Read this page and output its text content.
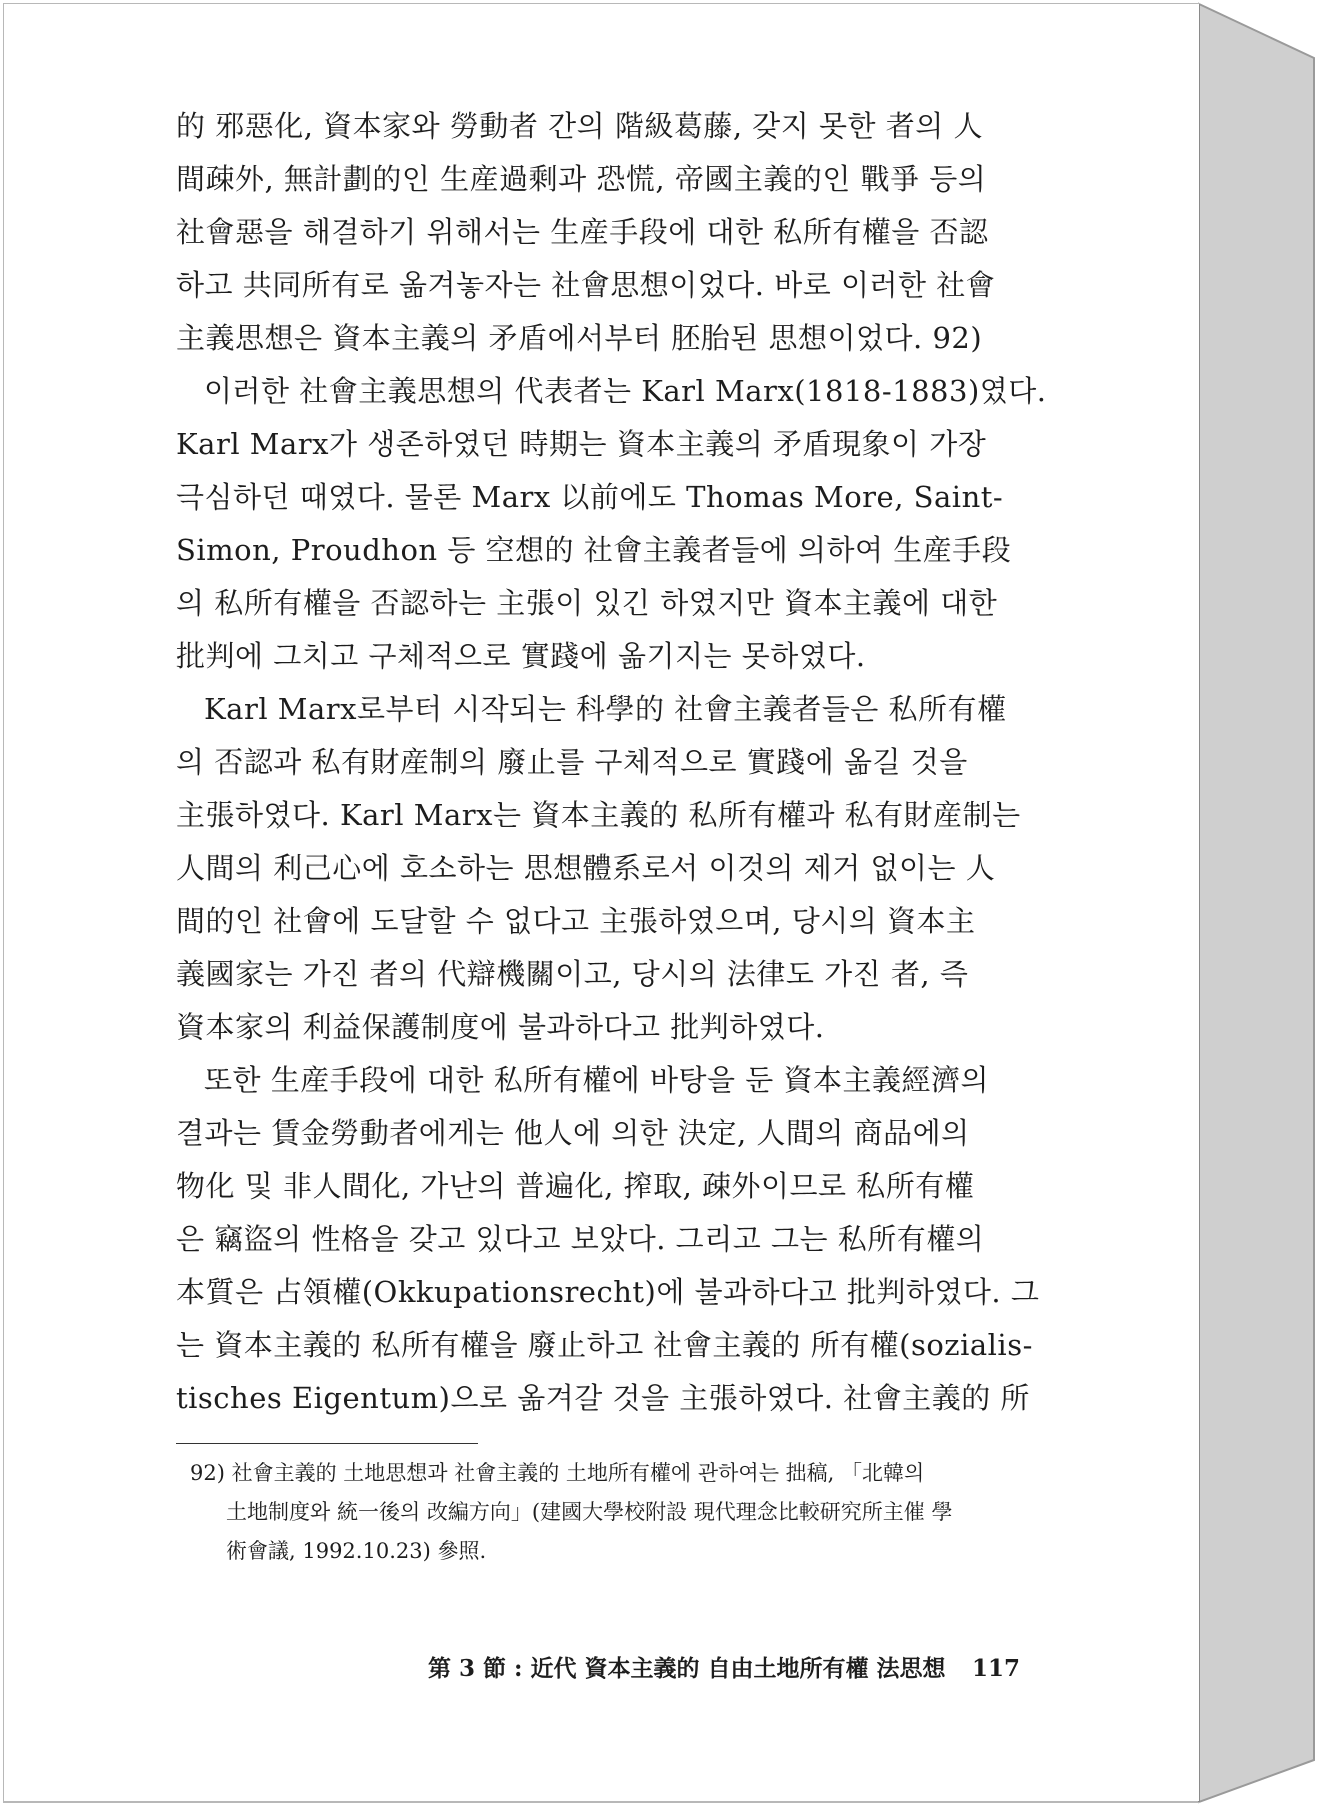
的 邪惡化, 資本家와 勞動者 간의 階級葛藤, 갖지 못한 者의 人
間疎外, 無計劃的인 生産過剩과 恐慌, 帝國主義的인 戰爭 등의
社會惡을 해결하기 위해서는 生産手段에 대한 私所有權을 否認
하고 共同所有로 옮겨놓자는 社會思想이었다. 바로 이러한 社會
主義思想은 資本主義의 矛盾에서부터 胚胎된 思想이었다. 92)
이러한 社會主義思想의 代表者는 Karl Marx(1818-1883)였다.
Karl Marx가 생존하였던 時期는 資本主義의 矛盾現象이 가장
극심하던 때였다. 물론 Marx 以前에도 Thomas More, Saint-
Simon, Proudhon 등 空想的 社會主義者들에 의하여 生産手段
의 私所有權을 否認하는 主張이 있긴 하였지만 資本主義에 대한
批判에 그치고 구체적으로 實踐에 옮기지는 못하였다.
Karl Marx로부터 시작되는 科學的 社會主義者들은 私所有權
의 否認과 私有財産制의 廢止를 구체적으로 實踐에 옮길 것을
主張하였다. Karl Marx는 資本主義的 私所有權과 私有財産制는
人間의 利己心에 호소하는 思想體系로서 이것의 제거 없이는 人
間的인 社會에 도달할 수 없다고 主張하였으며, 당시의 資本主
義國家는 가진 者의 代辯機關이고, 당시의 法律도 가진 者, 즉
資本家의 利益保護制度에 불과하다고 批判하였다.
또한 生産手段에 대한 私所有權에 바탕을 둔 資本主義經濟의
결과는 賃金勞動者에게는 他人에 의한 決定, 人間의 商品에의
物化 및 非人間化, 가난의 普遍化, 搾取, 疎外이므로 私所有權
은 竊盜의 性格을 갖고 있다고 보았다. 그리고 그는 私所有權의
本質은 占領權(Okkupationsrecht)에 불과하다고 批判하였다. 그
는 資本主義的 私所有權을 廢止하고 社會主義的 所有權(sozialis-
tisches Eigentum)으로 옮겨갈 것을 主張하였다. 社會主義的 所
92) 社會主義的 土地思想과 社會主義的 土地所有權에 관하여는 拙稿, 「北韓의
土地制度와 統一後의 改編方向」(建國大學校附設 現代理念比較研究所主催 學
術會議, 1992.10.23) 參照.
第 3 節 : 近代 資本主義的 自由土地所有權 法思想 117
